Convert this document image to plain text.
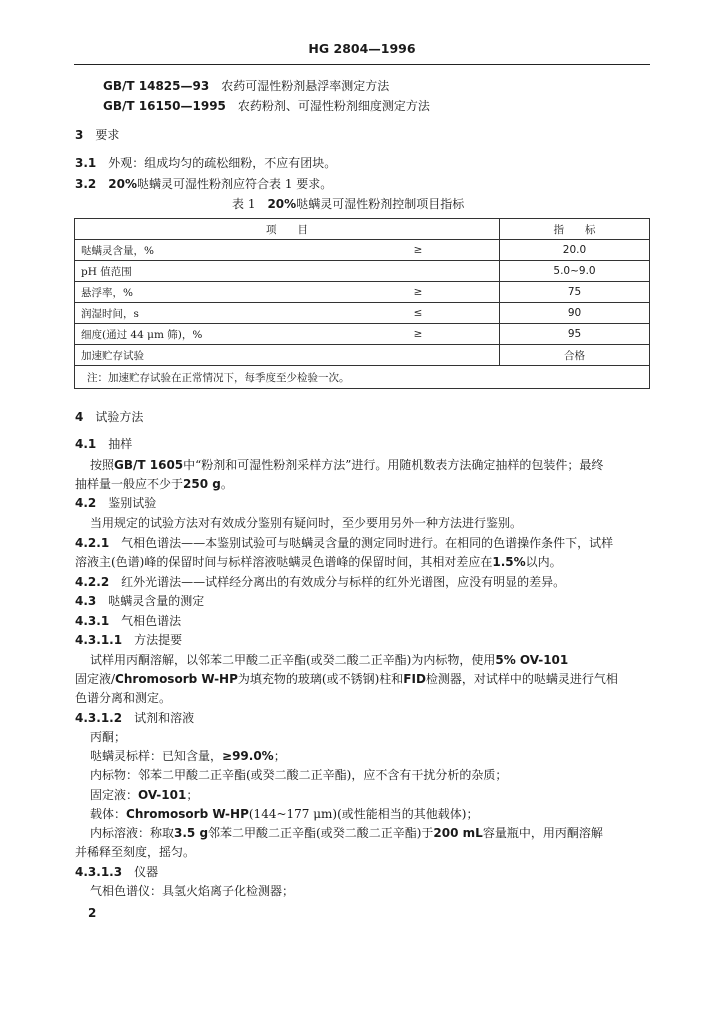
HG 2804—1996
GB/T 14825—93 农药可湿性粉剂悬浮率测定方法
GB/T 16150—1995 农药粉剂、可湿性粉剂细度测定方法
3 要求
3.1 外观：组成均匀的疏松细粉，不应有团块。
3.2 20%哒螨灵可湿性粉剂应符合表 1 要求。
表 1 20%哒螨灵可湿性粉剂控制项目指标
项　　目		指　　标
哒螨灵含量，%	≥	20.0
pH 值范围		5.0~9.0
悬浮率，%	≥	75
润湿时间，s	≤	90
细度(通过 44 μm 筛)，%	≥	95
加速贮存试验		合格
注：加速贮存试验在正常情况下，每季度至少检验一次。		
4 试验方法
4.1 抽样
按照GB/T 1605中“粉剂和可湿性粉剂采样方法”进行。用随机数表方法确定抽样的包装件；最终
抽样量一般应不少于250 g。
4.2 鉴别试验
当用规定的试验方法对有效成分鉴别有疑问时，至少要用另外一种方法进行鉴别。
4.2.1 气相色谱法——本鉴别试验可与哒螨灵含量的测定同时进行。在相同的色谱操作条件下，试样
溶液主(色谱)峰的保留时间与标样溶液哒螨灵色谱峰的保留时间，其相对差应在1.5%以内。
4.2.2 红外光谱法——试样经分离出的有效成分与标样的红外光谱图，应没有明显的差异。
4.3 哒螨灵含量的测定
4.3.1 气相色谱法
4.3.1.1 方法提要
试样用丙酮溶解，以邻苯二甲酸二正辛酯(或癸二酸二正辛酯)为内标物，使用5% OV-101
固定液/Chromosorb W-HP为填充物的玻璃(或不锈钢)柱和FID检测器，对试样中的哒螨灵进行气相
色谱分离和测定。
4.3.1.2 试剂和溶液
丙酮；
哒螨灵标样：已知含量，≥99.0%；
内标物：邻苯二甲酸二正辛酯(或癸二酸二正辛酯)，应不含有干扰分析的杂质；
固定液：OV-101；
载体：Chromosorb W-HP(144~177 μm)(或性能相当的其他载体)；
内标溶液：称取3.5 g邻苯二甲酸二正辛酯(或癸二酸二正辛酯)于200 mL容量瓶中，用丙酮溶解
并稀释至刻度，摇匀。
4.3.1.3 仪器
气相色谱仪：具氢火焰离子化检测器；
2
